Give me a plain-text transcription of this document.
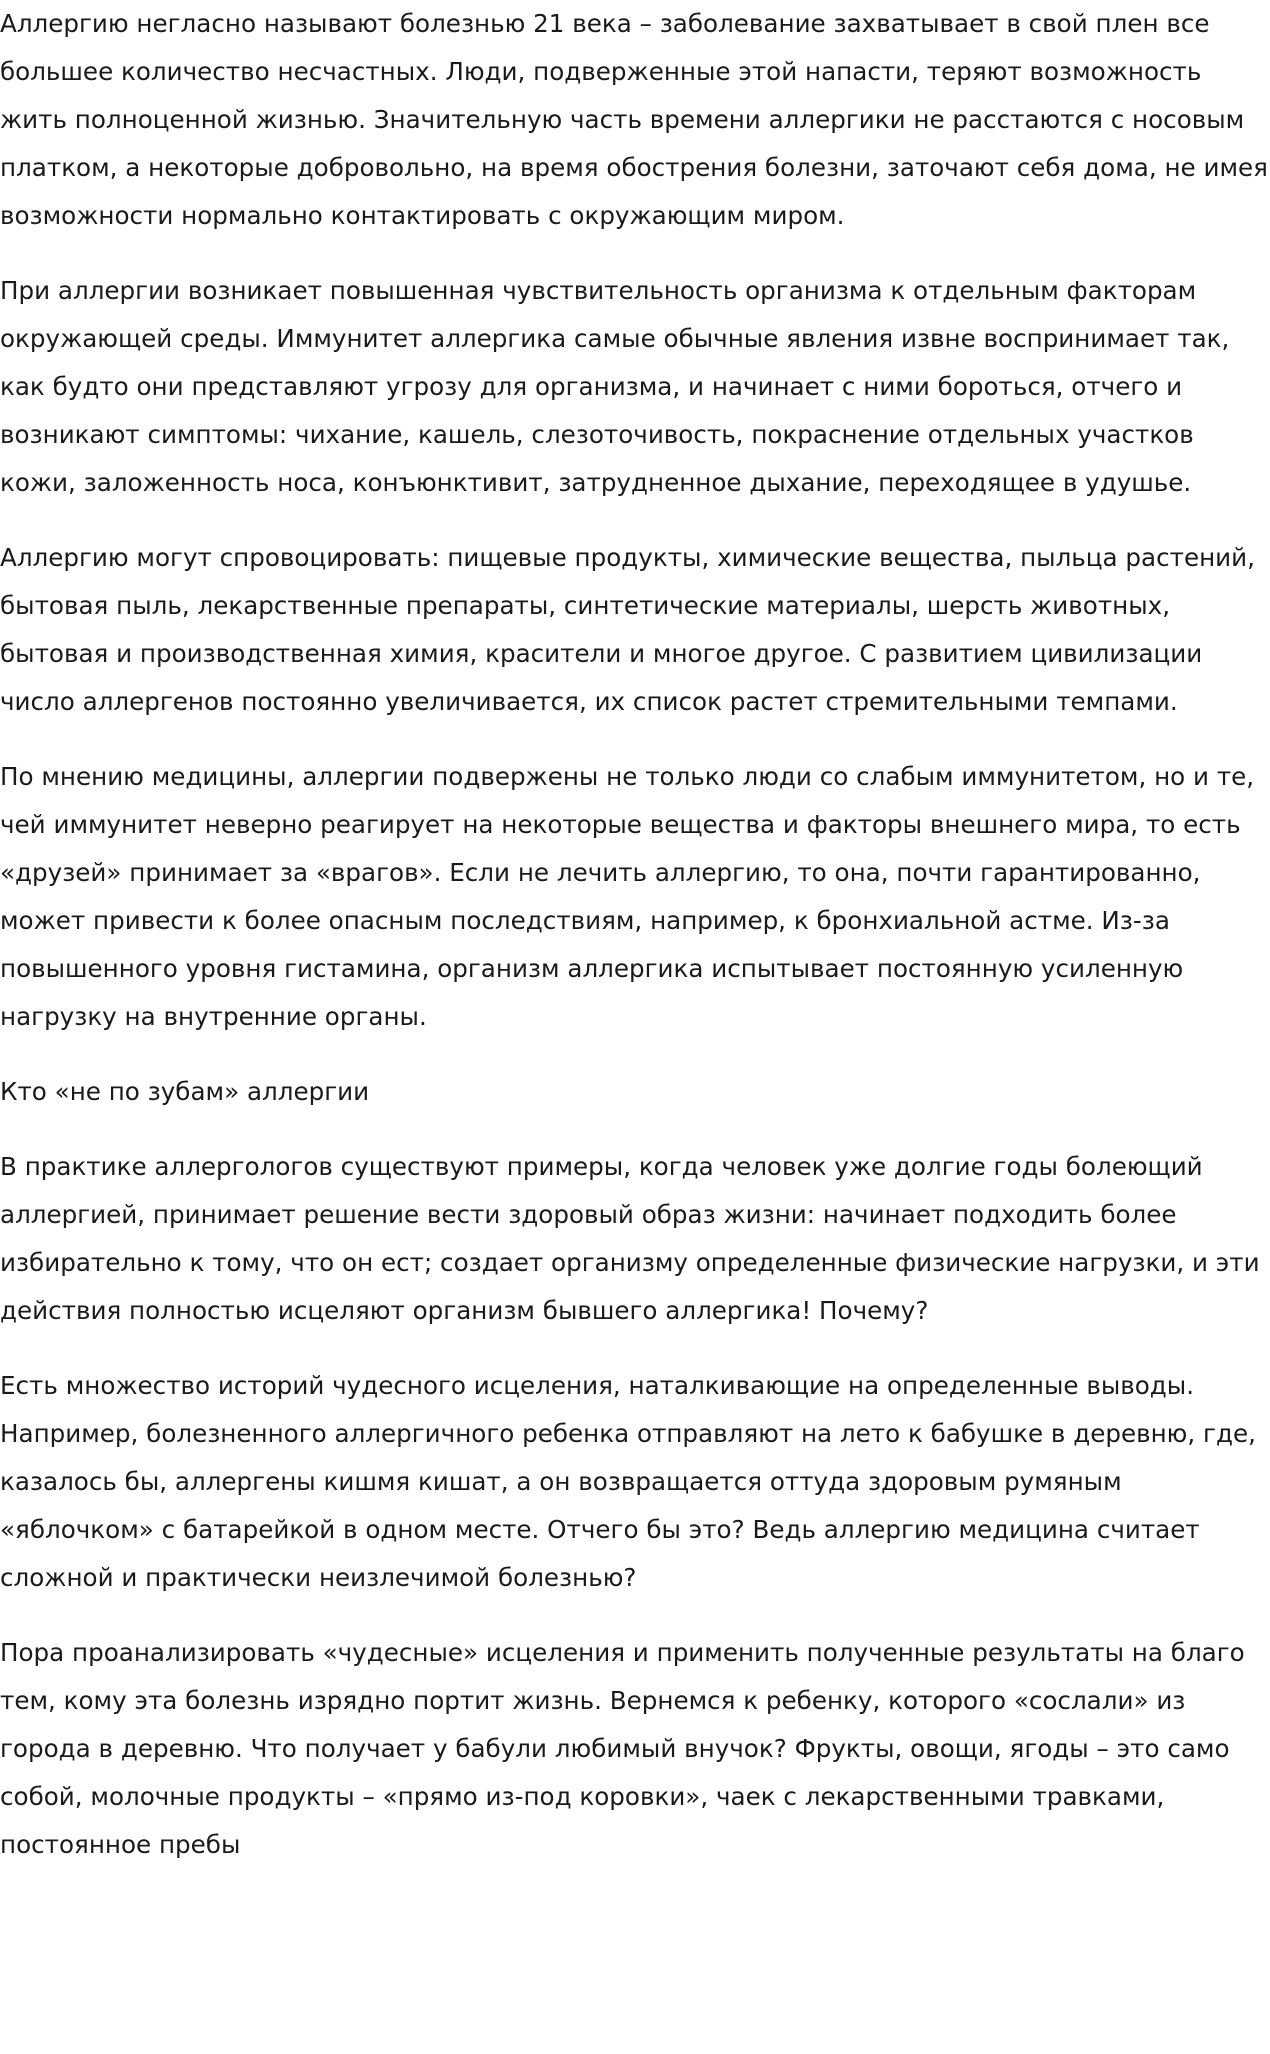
Аллергию негласно называют болезнью 21 века – заболевание захватывает в свой плен все большее количество несчастных. Люди, подверженные этой напасти, теряют возможность жить полноценной жизнью. Значительную часть времени аллергики не расстаются с носовым платком, а некоторые добровольно, на время обострения болезни, заточают себя дома, не имея возможности нормально контактировать с окружающим миром.

При аллергии возникает повышенная чувствительность организма к отдельным факторам окружающей среды. Иммунитет аллергика самые обычные явления извне воспринимает так, как будто они представляют угрозу для организма, и начинает с ними бороться, отчего и возникают симптомы: чихание, кашель, слезоточивость, покраснение отдельных участков кожи, заложенность носа, конъюнктивит, затрудненное дыхание, переходящее в удушье.

Аллергию могут спровоцировать: пищевые продукты, химические вещества, пыльца растений, бытовая пыль, лекарственные препараты, синтетические материалы, шерсть животных, бытовая и производственная химия, красители и многое другое. С развитием цивилизации число аллергенов постоянно увеличивается, их список растет стремительными темпами.

По мнению медицины, аллергии подвержены не только люди со слабым иммунитетом, но и те, чей иммунитет неверно реагирует на некоторые вещества и факторы внешнего мира, то есть «друзей» принимает за «врагов». Если не лечить аллергию, то она, почти гарантированно, может привести к более опасным последствиям, например, к бронхиальной астме. Из-за повышенного уровня гистамина, организм аллергика испытывает постоянную усиленную нагрузку на внутренние органы.

Кто «не по зубам» аллергии

В практике аллергологов существуют примеры, когда человек уже долгие годы болеющий аллергией, принимает решение вести здоровый образ жизни: начинает подходить более избирательно к тому, что он ест; создает организму определенные физические нагрузки, и эти действия полностью исцеляют организм бывшего аллергика! Почему?

Есть множество историй чудесного исцеления, наталкивающие на определенные выводы. Например, болезненного аллергичного ребенка отправляют на лето к бабушке в деревню, где, казалось бы, аллергены кишмя кишат, а он возвращается оттуда здоровым румяным «яблочком» с батарейкой в одном месте. Отчего бы это? Ведь аллергию медицина считает сложной и практически неизлечимой болезнью?

Пора проанализировать «чудесные» исцеления и применить полученные результаты на благо тем, кому эта болезнь изрядно портит жизнь. Вернемся к ребенку, которого «сослали» из города в деревню. Что получает у бабули любимый внучок? Фрукты, овощи, ягоды – это само собой, молочные продукты – «прямо из-под коровки», чаек с лекарственными травками, постоянное пребы
